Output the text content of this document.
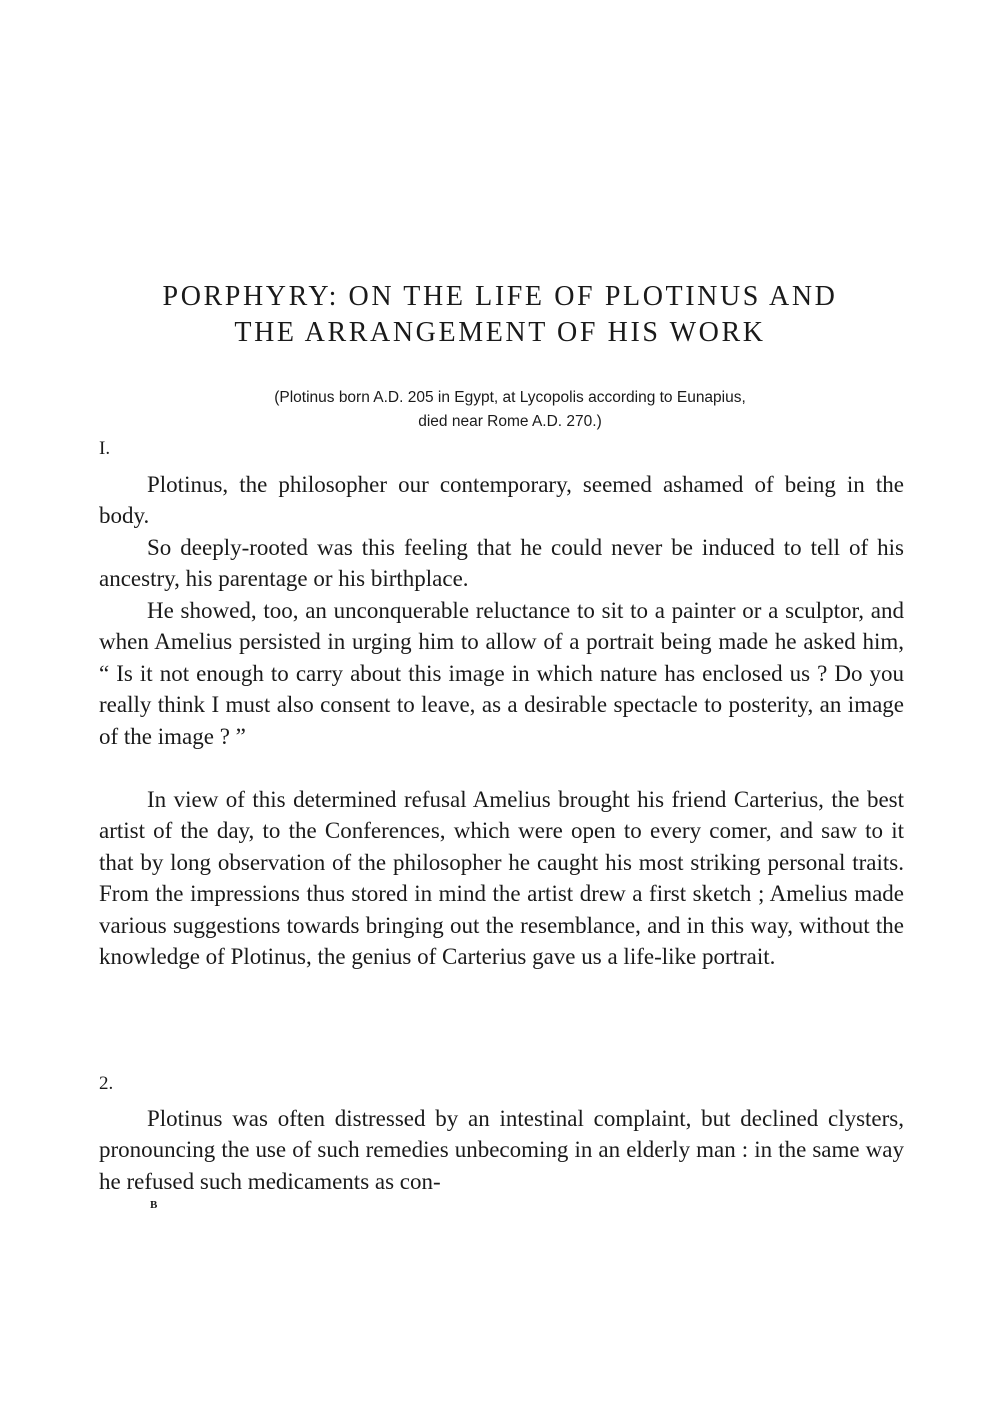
PORPHYRY: ON THE LIFE OF PLOTINUS AND
THE ARRANGEMENT OF HIS WORK
(Plotinus born A.D. 205 in Egypt, at Lycopolis according to Eunapius,
died near Rome A.D. 270.)
I.

Plotinus, the philosopher our contemporary, seemed ashamed of being in the body.

So deeply-rooted was this feeling that he could never be induced to tell of his ancestry, his parentage or his birthplace.

He showed, too, an unconquerable reluctance to sit to a painter or a sculptor, and when Amelius persisted in urging him to allow of a portrait being made he asked him, “ Is it not enough to carry about this image in which nature has enclosed us ? Do you really think I must also consent to leave, as a desirable spectacle to posterity, an image of the image ? ”

In view of this determined refusal Amelius brought his friend Carterius, the best artist of the day, to the Conferences, which were open to every comer, and saw to it that by long observation of the philosopher he caught his most striking personal traits. From the impressions thus stored in mind the artist drew a first sketch ; Amelius made various suggestions towards bringing out the resemblance, and in this way, without the knowledge of Plotinus, the genius of Carterius gave us a life-like portrait.

2.

Plotinus was often distressed by an intestinal complaint, but declined clysters, pronouncing the use of such remedies unbecoming in an elderly man : in the same way he refused such medicaments as con-

B
